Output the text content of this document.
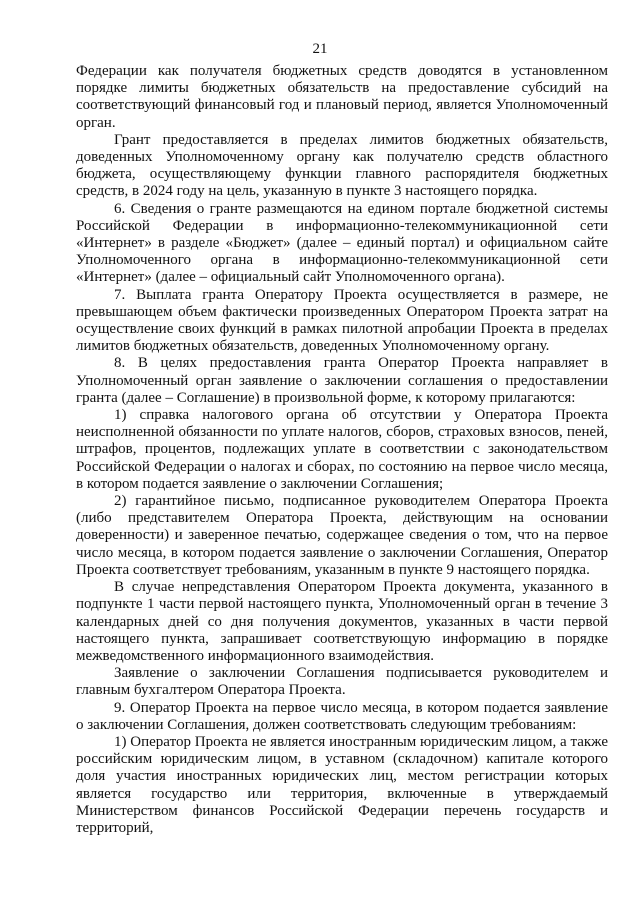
21

Федерации как получателя бюджетных средств доводятся в установленном порядке лимиты бюджетных обязательств на предоставление субсидий на соответствующий финансовый год и плановый период, является Уполномоченный орган.

Грант предоставляется в пределах лимитов бюджетных обязательств, доведенных Уполномоченному органу как получателю средств областного бюджета, осуществляющему функции главного распорядителя бюджетных средств, в 2024 году на цель, указанную в пункте 3 настоящего порядка.

6. Сведения о гранте размещаются на едином портале бюджетной системы Российской Федерации в информационно-телекоммуникационной сети «Интернет» в разделе «Бюджет» (далее – единый портал) и официальном сайте Уполномоченного органа в информационно-телекоммуникационной сети «Интернет» (далее – официальный сайт Уполномоченного органа).

7. Выплата гранта Оператору Проекта осуществляется в размере, не превышающем объем фактически произведенных Оператором Проекта затрат на осуществление своих функций в рамках пилотной апробации Проекта в пределах лимитов бюджетных обязательств, доведенных Уполномоченному органу.

8. В целях предоставления гранта Оператор Проекта направляет в Уполномоченный орган заявление о заключении соглашения о предоставлении гранта (далее – Соглашение) в произвольной форме, к которому прилагаются:

1) справка налогового органа об отсутствии у Оператора Проекта неисполненной обязанности по уплате налогов, сборов, страховых взносов, пеней, штрафов, процентов, подлежащих уплате в соответствии с законодательством Российской Федерации о налогах и сборах, по состоянию на первое число месяца, в котором подается заявление о заключении Соглашения;

2) гарантийное письмо, подписанное руководителем Оператора Проекта (либо представителем Оператора Проекта, действующим на основании доверенности) и заверенное печатью, содержащее сведения о том, что на первое число месяца, в котором подается заявление о заключении Соглашения, Оператор Проекта соответствует требованиям, указанным в пункте 9 настоящего порядка.

В случае непредставления Оператором Проекта документа, указанного в подпункте 1 части первой настоящего пункта, Уполномоченный орган в течение 3 календарных дней со дня получения документов, указанных в части первой настоящего пункта, запрашивает соответствующую информацию в порядке межведомственного информационного взаимодействия.

Заявление о заключении Соглашения подписывается руководителем и главным бухгалтером Оператора Проекта.

9. Оператор Проекта на первое число месяца, в котором подается заявление о заключении Соглашения, должен соответствовать следующим требованиям:

1) Оператор Проекта не является иностранным юридическим лицом, а также российским юридическим лицом, в уставном (складочном) капитале которого доля участия иностранных юридических лиц, местом регистрации которых является государство или территория, включенные в утверждаемый Министерством финансов Российской Федерации перечень государств и территорий,
